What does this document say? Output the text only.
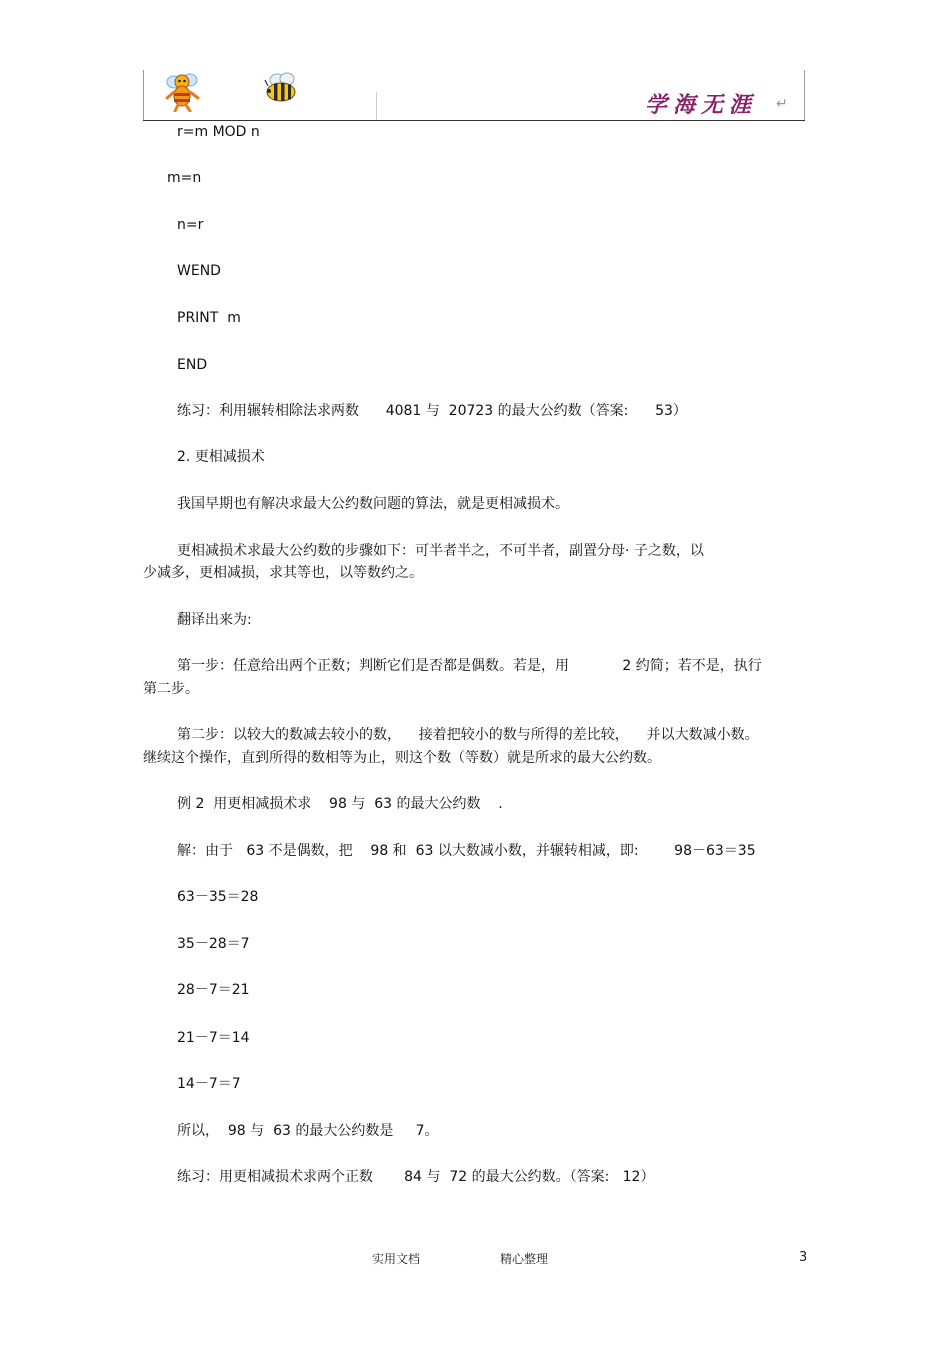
学海无涯 ↵
r=m MOD n
m=n
n=r
WEND
PRINT  m
END
练习：利用辗转相除法求两数      4081 与  20723 的最大公约数（答案:      53）
2. 更相减损术
我国早期也有解决求最大公约数问题的算法，就是更相减损术。
更相减损术求最大公约数的步骤如下：可半者半之，不可半者，副置分母· 子之数，以
少减多，更相减损，求其等也，以等数约之。
翻译出来为:
第一步：任意给出两个正数；判断它们是否都是偶数。若是，用            2 约简；若不是，执行
第二步。
第二步：以较大的数减去较小的数，    接着把较小的数与所得的差比较，    并以大数减小数。
继续这个操作，直到所得的数相等为止，则这个数（等数）就是所求的最大公约数。
例 2  用更相减损术求    98 与  63 的最大公约数    .
解：由于   63 不是偶数，把    98 和  63 以大数减小数，并辗转相减，即:        98－63＝35
63－35＝28
35－28＝7
28－7＝21
21－7＝14
14－7＝7
所以，  98 与  63 的最大公约数是     7。
练习：用更相减损术求两个正数       84 与  72 的最大公约数。（答案:   12）
实用文档	精心整理	3
